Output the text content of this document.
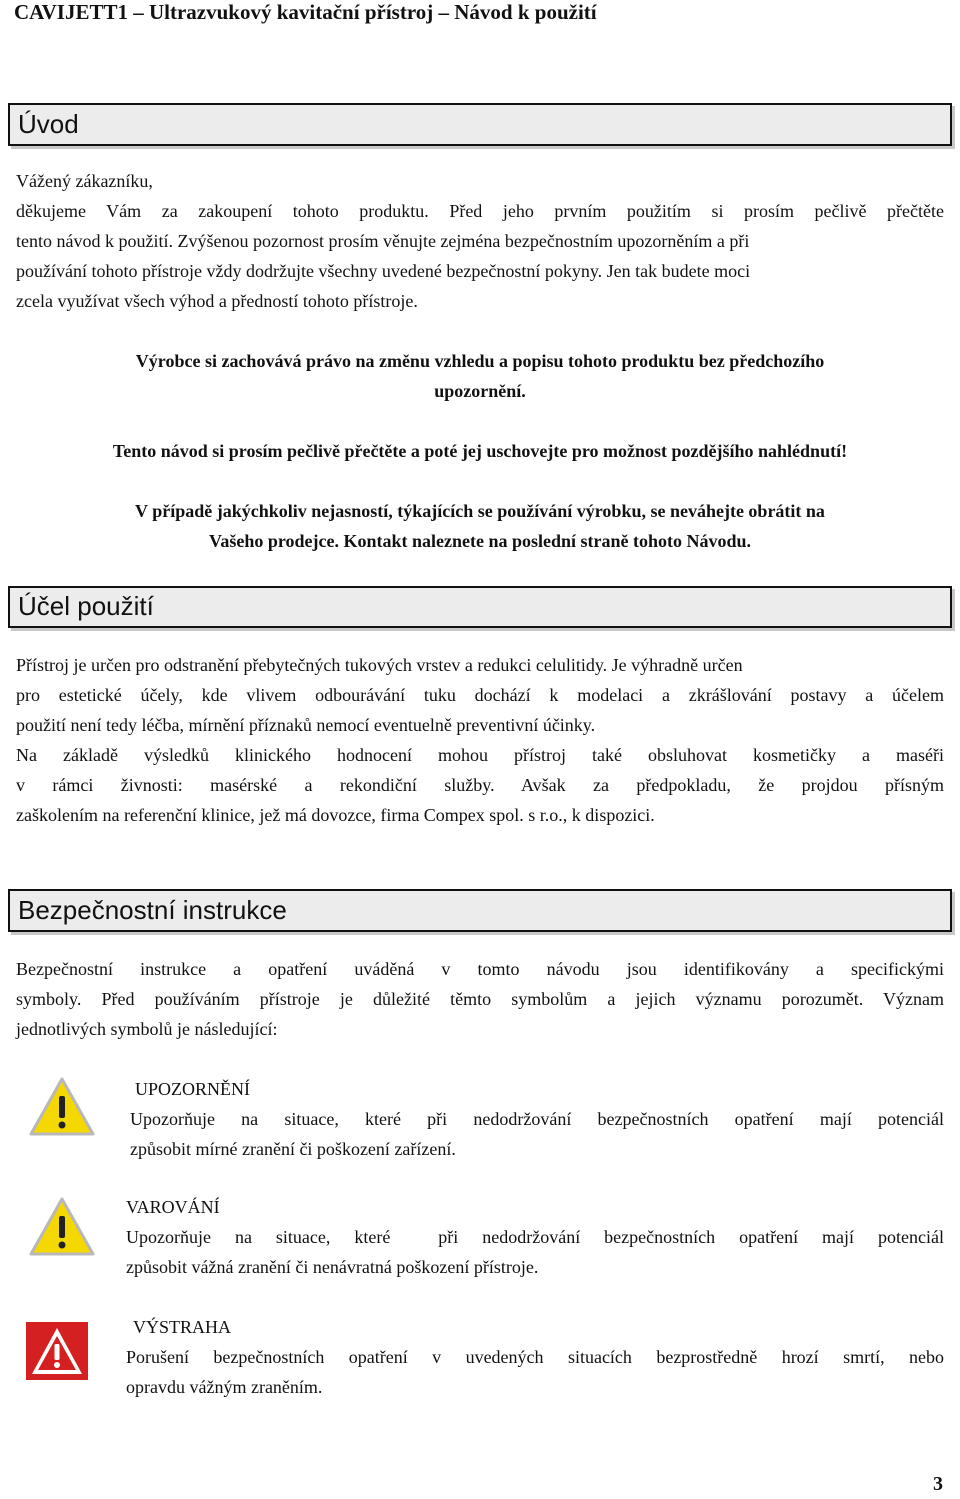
CAVIJETT1 – Ultrazvukový kavitační přístroj – Návod k použití
Úvod
Vážený zákazníku,
děkujeme Vám za zakoupení tohoto produktu. Před jeho prvním použitím si prosím pečlivě přečtěte
tento návod k použití. Zvýšenou pozornost prosím věnujte zejména bezpečnostním upozorněním a při
používání tohoto přístroje vždy dodržujte všechny uvedené bezpečnostní pokyny. Jen tak budete moci
zcela využívat všech výhod a předností tohoto přístroje.
Výrobce si zachovává právo na změnu vzhledu a popisu tohoto produktu bez předchozího
upozornění.
Tento návod si prosím pečlivě přečtěte a poté jej uschovejte pro možnost pozdějšího nahlédnutí!
V případě jakýchkoliv nejasností, týkajících se používání výrobku, se neváhejte obrátit na
Vašeho prodejce. Kontakt naleznete na poslední straně tohoto Návodu.
Účel použití
Přístroj je určen pro odstranění přebytečných tukových vrstev a redukci celulitidy. Je výhradně určen
pro estetické účely, kde vlivem odbourávání tuku dochází k modelaci a zkrášlování postavy a účelem
použití není tedy léčba, mírnění příznaků nemocí eventuelně preventivní účinky.
Na základě výsledků klinického hodnocení mohou přístroj také obsluhovat kosmetičky a maséři
v rámci živnosti: masérské a rekondiční služby. Avšak za předpokladu, že projdou přísným
zaškolením na referenční klinice, jež má dovozce, firma Compex spol. s r.o., k dispozici.
Bezpečnostní instrukce
Bezpečnostní instrukce a opatření uváděná v tomto návodu jsou identifikovány a specifickými
symboly. Před používáním přístroje je důležité těmto symbolům a jejich významu porozumět. Význam
jednotlivých symbolů je následující:
UPOZORNĚNÍ
Upozorňuje na situace, které při nedodržování bezpečnostních opatření mají potenciál
způsobit mírné zranění či poškození zařízení.
VAROVÁNÍ
Upozorňuje na situace, které  při nedodržování bezpečnostních opatření mají potenciál
způsobit vážná zranění či nenávratná poškození přístroje.
VÝSTRAHA
Porušení bezpečnostních opatření v uvedených situacích bezprostředně hrozí smrtí, nebo
opravdu vážným zraněním.
3
